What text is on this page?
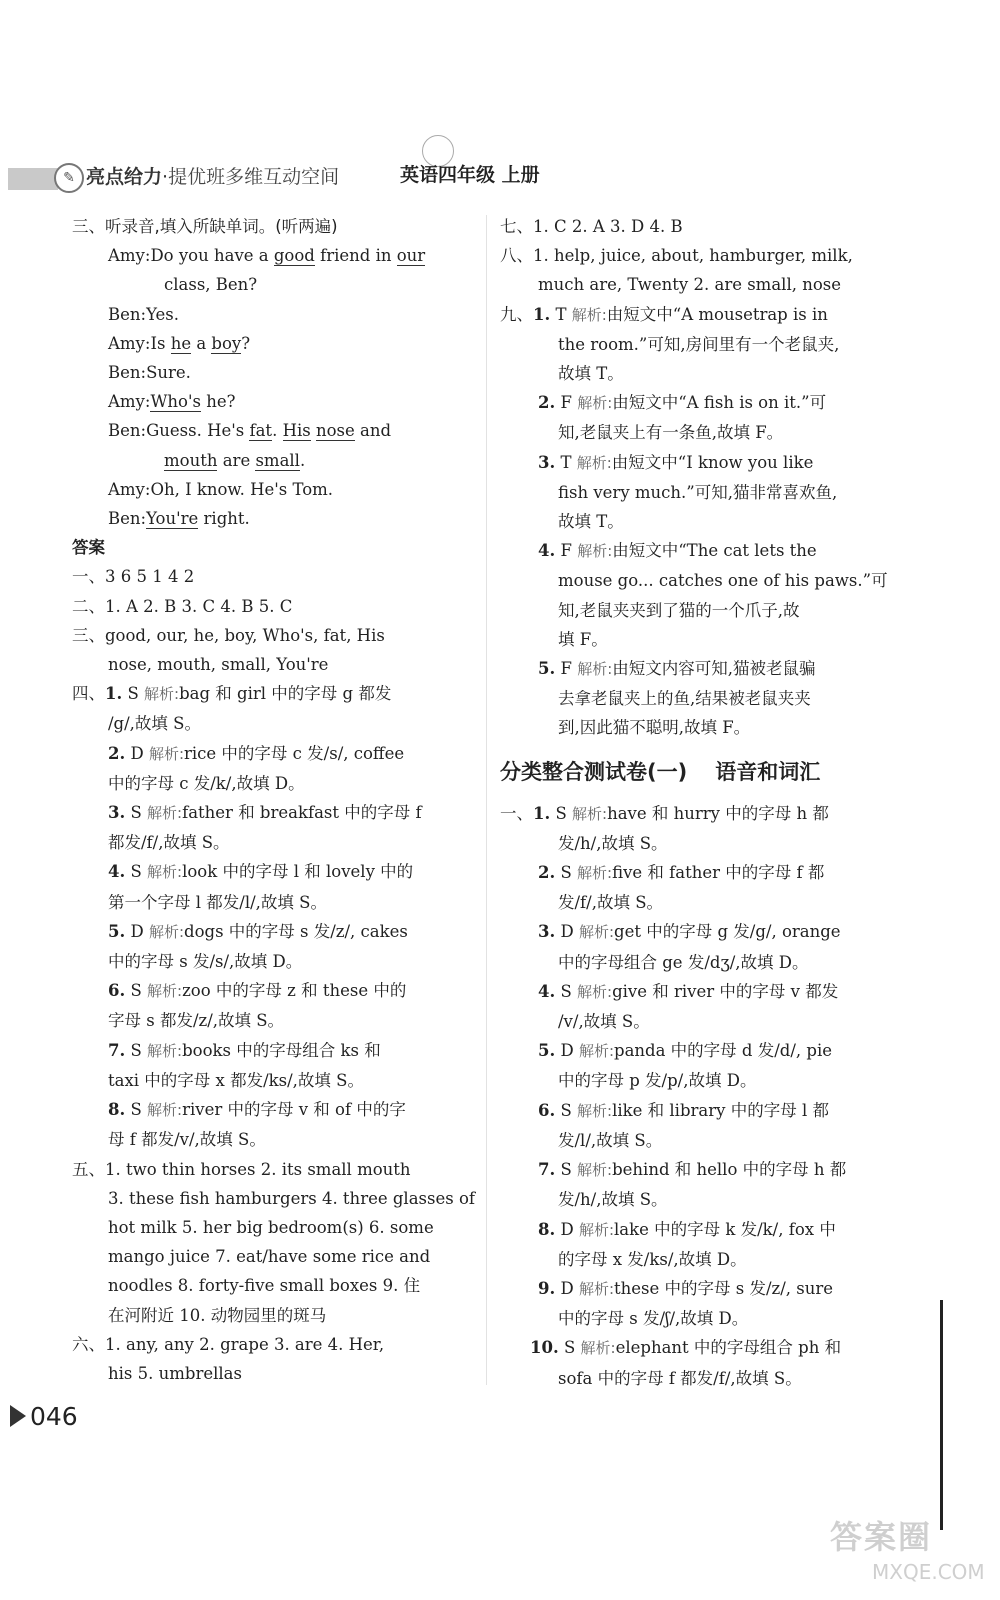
✎ 亮点给力·提优班多维互动空间	英语四年级 上册
三、听录音,填入所缺单词。(听两遍)
Amy:Do you have a good friend in our
class, Ben?
Ben:Yes.
Amy:Is he a boy?
Ben:Sure.
Amy:Who's he?
Ben:Guess. He's fat. His nose and
mouth are small.
Amy:Oh, I know. He's Tom.
Ben:You're right.
答案
一、3 6 5 1 4 2
二、1. A 2. B 3. C 4. B 5. C
三、good, our, he, boy, Who's, fat, His
nose, mouth, small, You're
四、1. S 解析:bag 和 girl 中的字母 g 都发
/g/,故填 S。
2. D 解析:rice 中的字母 c 发/s/, coffee
中的字母 c 发/k/,故填 D。
3. S 解析:father 和 breakfast 中的字母 f
都发/f/,故填 S。
4. S 解析:look 中的字母 l 和 lovely 中的
第一个字母 l 都发/l/,故填 S。
5. D 解析:dogs 中的字母 s 发/z/, cakes
中的字母 s 发/s/,故填 D。
6. S 解析:zoo 中的字母 z 和 these 中的
字母 s 都发/z/,故填 S。
7. S 解析:books 中的字母组合 ks 和
taxi 中的字母 x 都发/ks/,故填 S。
8. S 解析:river 中的字母 v 和 of 中的字
母 f 都发/v/,故填 S。
五、1. two thin horses 2. its small mouth
3. these fish hamburgers 4. three glasses of
hot milk 5. her big bedroom(s) 6. some
mango juice 7. eat/have some rice and
noodles 8. forty-five small boxes 9. 住
在河附近 10. 动物园里的斑马
六、1. any, any 2. grape 3. are 4. Her,
his 5. umbrellas
七、1. C 2. A 3. D 4. B
八、1. help, juice, about, hamburger, milk,
much are, Twenty 2. are small, nose
九、1. T 解析:由短文中“A mousetrap is in
the room.”可知,房间里有一个老鼠夹,
故填 T。
2. F 解析:由短文中“A fish is on it.”可
知,老鼠夹上有一条鱼,故填 F。
3. T 解析:由短文中“I know you like
fish very much.”可知,猫非常喜欢鱼,
故填 T。
4. F 解析:由短文中“The cat lets the
mouse go... catches one of his paws.”可
知,老鼠夹夹到了猫的一个爪子,故
填 F。
5. F 解析:由短文内容可知,猫被老鼠骗
去拿老鼠夹上的鱼,结果被老鼠夹夹
到,因此猫不聪明,故填 F。
分类整合测试卷(一) 语音和词汇
一、1. S 解析:have 和 hurry 中的字母 h 都
发/h/,故填 S。
2. S 解析:five 和 father 中的字母 f 都
发/f/,故填 S。
3. D 解析:get 中的字母 g 发/g/, orange
中的字母组合 ge 发/dʒ/,故填 D。
4. S 解析:give 和 river 中的字母 v 都发
/v/,故填 S。
5. D 解析:panda 中的字母 d 发/d/, pie
中的字母 p 发/p/,故填 D。
6. S 解析:like 和 library 中的字母 l 都
发/l/,故填 S。
7. S 解析:behind 和 hello 中的字母 h 都
发/h/,故填 S。
8. D 解析:lake 中的字母 k 发/k/, fox 中
的字母 x 发/ks/,故填 D。
9. D 解析:these 中的字母 s 发/z/, sure
中的字母 s 发/ʃ/,故填 D。
10. S 解析:elephant 中的字母组合 ph 和
sofa 中的字母 f 都发/f/,故填 S。
046
答案圈
MXQE.COM
